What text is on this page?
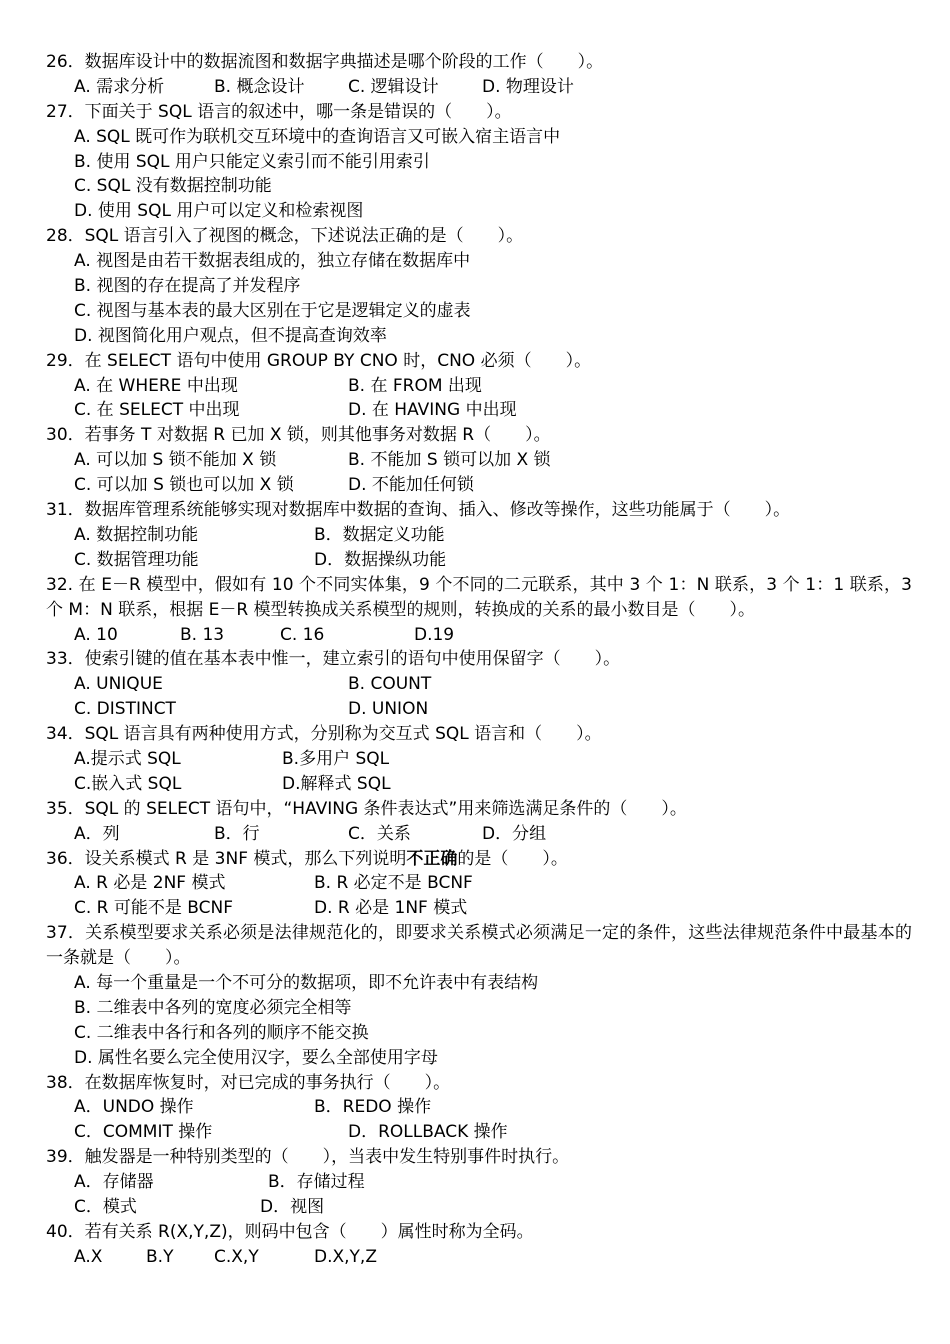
26．数据库设计中的数据流图和数据字典描述是哪个阶段的工作（　　）。
A. 需求分析	B. 概念设计	C. 逻辑设计	D. 物理设计
27．下面关于 SQL 语言的叙述中，哪一条是错误的（　　）。
A. SQL 既可作为联机交互环境中的查询语言又可嵌入宿主语言中
B. 使用 SQL 用户只能定义索引而不能引用索引
C. SQL 没有数据控制功能
D. 使用 SQL 用户可以定义和检索视图
28．SQL 语言引入了视图的概念，下述说法正确的是（　　）。
A. 视图是由若干数据表组成的，独立存储在数据库中
B. 视图的存在提高了并发程序
C. 视图与基本表的最大区别在于它是逻辑定义的虚表
D. 视图简化用户观点，但不提高查询效率
29．在 SELECT 语句中使用 GROUP BY CNO 时，CNO 必须（　　）。
A. 在 WHERE 中出现	B. 在 FROM 出现
C. 在 SELECT 中出现	D. 在 HAVING 中出现
30．若事务 T 对数据 R 已加 X 锁，则其他事务对数据 R（　　）。
A. 可以加 S 锁不能加 X 锁	B. 不能加 S 锁可以加 X 锁
C. 可以加 S 锁也可以加 X 锁	D. 不能加任何锁
31．数据库管理系统能够实现对数据库中数据的查询、插入、修改等操作，这些功能属于（　　）。
A. 数据控制功能	B．数据定义功能
C. 数据管理功能	D．数据操纵功能
32. 在 E－R 模型中，假如有 10 个不同实体集，9 个不同的二元联系，其中 3 个 1：N 联系，3 个 1：1 联系，3 个 M：N 联系，根据 E－R 模型转换成关系模型的规则，转换成的关系的最小数目是（　　）。
A. 10	B. 13	C. 16	D.19
33．使索引键的值在基本表中惟一，建立索引的语句中使用保留字（　　）。
A. UNIQUE	B. COUNT
C. DISTINCT	D. UNION
34．SQL 语言具有两种使用方式，分别称为交互式 SQL 语言和（　　）。
A.提示式 SQL	B.多用户 SQL
C.嵌入式 SQL	D.解释式 SQL
35．SQL 的 SELECT 语句中，“HAVING 条件表达式”用来筛选满足条件的（　　）。
A．列	B．行	C．关系	D．分组
36．设关系模式 R 是 3NF 模式，那么下列说明不正确的是（　　）。
A. R 必是 2NF 模式	B. R 必定不是 BCNF
C. R 可能不是 BCNF	D. R 必是 1NF 模式
37．关系模型要求关系必须是法律规范化的，即要求关系模式必须满足一定的条件，这些法律规范条件中最基本的一条就是（　　）。
A. 每一个重量是一个不可分的数据项，即不允许表中有表结构
B. 二维表中各列的宽度必须完全相等
C. 二维表中各行和各列的顺序不能交换
D. 属性名要么完全使用汉字，要么全部使用字母
38．在数据库恢复时，对已完成的事务执行（　　）。
A．UNDO 操作	B．REDO 操作
C．COMMIT 操作	D．ROLLBACK 操作
39．触发器是一种特别类型的（　　），当表中发生特别事件时执行。
A．存储器	B．存储过程
C．模式	D．视图
40．若有关系 R(X,Y,Z)，则码中包含（　　）属性时称为全码。
A.X	B.Y C.X,Y	D.X,Y,Z
